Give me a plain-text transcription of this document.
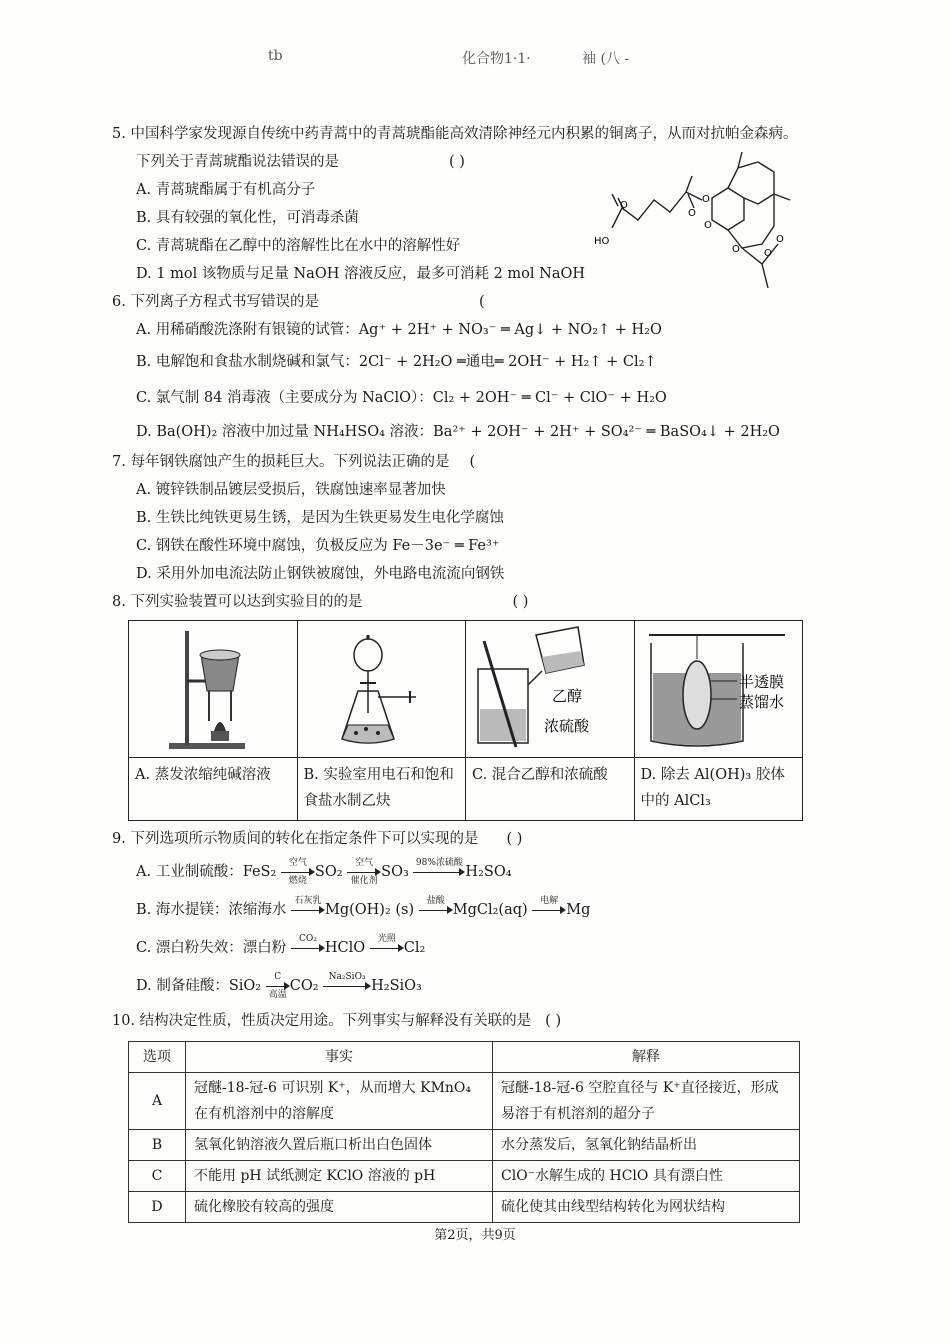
tb	化合物1·1·	袖 (八 -

5. 中国科学家发现源自传统中药青蒿中的青蒿琥酯能高效清除神经元内积累的铜离子，从而对抗帕金森病。

下列关于青蒿琥酯说法错误的是	( )
A. 青蒿琥酯属于有机高分子
B. 具有较强的氧化性，可消毒杀菌
C. 青蒿琥酯在乙醇中的溶解性比在水中的溶解性好
D. 1 mol 该物质与足量 NaOH 溶液反应，最多可消耗 2 mol NaOH

6. 下列离子方程式书写错误的是	(

A. 用稀硝酸洗涤附有银镜的试管：Ag⁺ + 2H⁺ + NO₃⁻ ═ Ag↓ + NO₂↑ + H₂O
B. 电解饱和食盐水制烧碱和氯气：2Cl⁻ + 2H₂O ═通电═ 2OH⁻ + H₂↑ + Cl₂↑
C. 氯气制 84 消毒液（主要成分为 NaClO）：Cl₂ + 2OH⁻ ═ Cl⁻ + ClO⁻ + H₂O
D. Ba(OH)₂ 溶液中加过量 NH₄HSO₄ 溶液：Ba²⁺ + 2OH⁻ + 2H⁺ + SO₄²⁻ ═ BaSO₄↓ + 2H₂O

7. 每年钢铁腐蚀产生的损耗巨大。下列说法正确的是 (

A. 镀锌铁制品镀层受损后，铁腐蚀速率显著加快
B. 生铁比纯铁更易生锈，是因为生铁更易发生电化学腐蚀
C. 钢铁在酸性环境中腐蚀，负极反应为 Fe－3e⁻ ═ Fe³⁺
D. 采用外加电流法防止钢铁被腐蚀，外电路电流流向钢铁

8. 下列实验装置可以达到实验目的的是	( )

乙醇
浓硫酸	半透膜
蒸馏水

A. 蒸发浓缩纯碱溶液	B. 实验室用电石和饱和食盐水制乙炔	C. 混合乙醇和浓硫酸	D. 除去 Al(OH)₃ 胶体中的 AlCl₃

9. 下列选项所示物质间的转化在指定条件下可以实现的是 ( )

A. 工业制硫酸：FeS₂
空气
燃烧
SO₂
空气
催化剂
SO₃
98%浓硫酸

H₂SO₄
B. 海水提镁：浓缩海水
石灰乳

Mg(OH)₂ (s)
盐酸

MgCl₂(aq)
电解

Mg
C. 漂白粉失效：漂白粉
CO₂

HClO
光照

Cl₂
D. 制备硅酸：SiO₂
C
高温
CO₂
Na₂SiO₃

H₂SiO₃

10. 结构决定性质，性质决定用途。下列事实与解释没有关联的是 ( )

选项	事实	解释
A	冠醚-18-冠-6 可识别 K⁺，从而增大 KMnO₄ 在有机溶剂中的溶解度	冠醚-18-冠-6 空腔直径与 K⁺直径接近，形成易溶于有机溶剂的超分子
B	氢氧化钠溶液久置后瓶口析出白色固体	水分蒸发后，氢氧化钠结晶析出
C	不能用 pH 试纸测定 KClO 溶液的 pH	ClO⁻水解生成的 HClO 具有漂白性
D	硫化橡胶有较高的强度	硫化使其由线型结构转化为网状结构
O
O
O
O O
O
O
HO
第2页，共9页
